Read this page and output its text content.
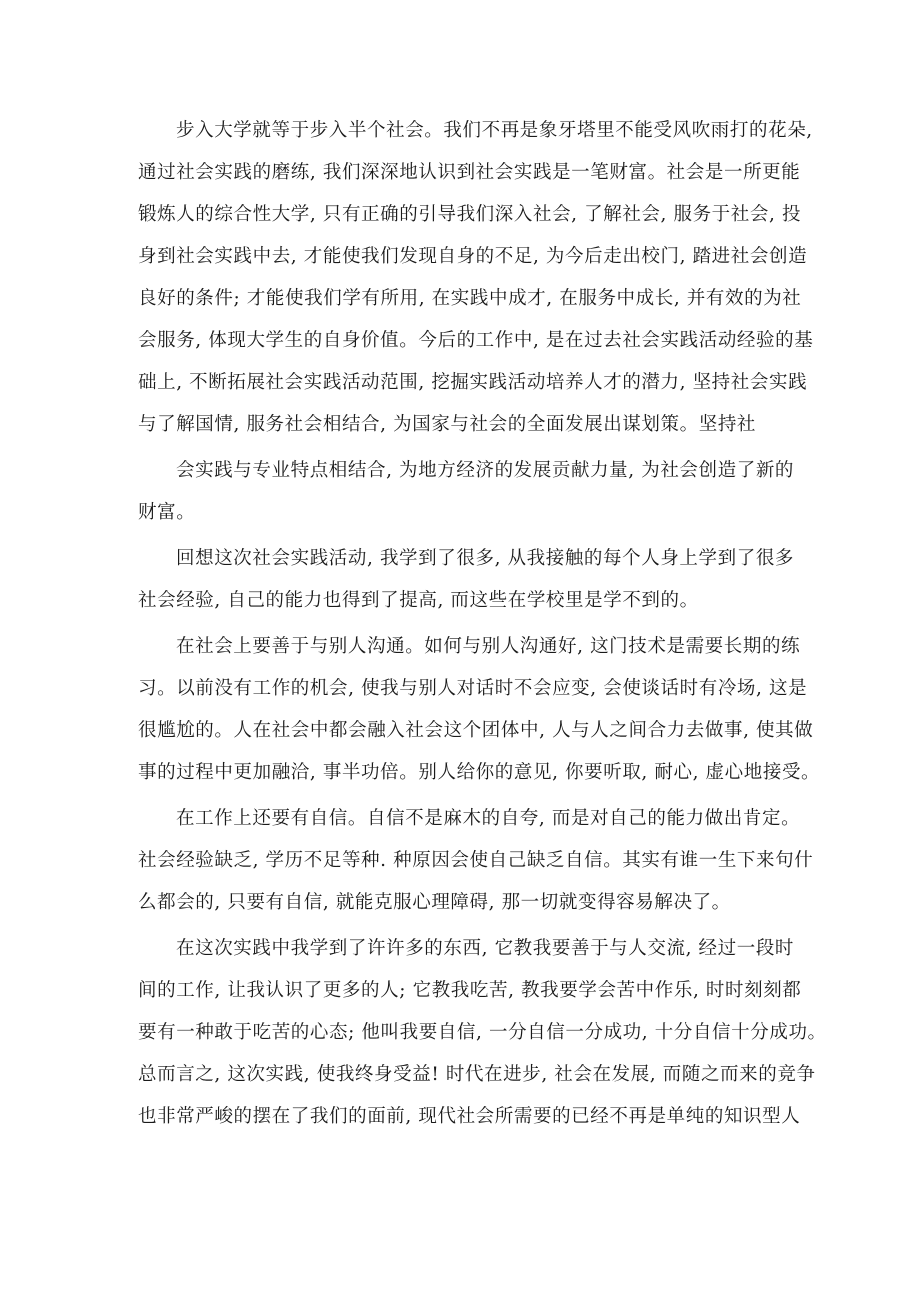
步入大学就等于步入半个社会。我们不再是象牙塔里不能受风吹雨打的花朵,
通过社会实践的磨练, 我们深深地认识到社会实践是一笔财富。社会是一所更能
锻炼人的综合性大学, 只有正确的引导我们深入社会, 了解社会, 服务于社会, 投
身到社会实践中去, 才能使我们发现自身的不足, 为今后走出校门, 踏进社会创造
良好的条件; 才能使我们学有所用, 在实践中成才, 在服务中成长, 并有效的为社
会服务, 体现大学生的自身价值。今后的工作中, 是在过去社会实践活动经验的基
础上, 不断拓展社会实践活动范围, 挖掘实践活动培养人才的潜力, 坚持社会实践
与了解国情, 服务社会相结合, 为国家与社会的全面发展出谋划策。坚持社
会实践与专业特点相结合, 为地方经济的发展贡献力量, 为社会创造了新的
财富。
回想这次社会实践活动, 我学到了很多, 从我接触的每个人身上学到了很多
社会经验, 自己的能力也得到了提高, 而这些在学校里是学不到的。
在社会上要善于与别人沟通。如何与别人沟通好, 这门技术是需要长期的练
习。以前没有工作的机会, 使我与别人对话时不会应变, 会使谈话时有冷场, 这是
很尴尬的。人在社会中都会融入社会这个团体中, 人与人之间合力去做事, 使其做
事的过程中更加融洽, 事半功倍。别人给你的意见, 你要听取, 耐心, 虚心地接受。
在工作上还要有自信。自信不是麻木的自夸, 而是对自己的能力做出肯定。
社会经验缺乏, 学历不足等种. 种原因会使自己缺乏自信。其实有谁一生下来句什
么都会的, 只要有自信, 就能克服心理障碍, 那一切就变得容易解决了。
在这次实践中我学到了许许多的东西, 它教我要善于与人交流, 经过一段时
间的工作, 让我认识了更多的人; 它教我吃苦, 教我要学会苦中作乐, 时时刻刻都
要有一种敢于吃苦的心态; 他叫我要自信, 一分自信一分成功, 十分自信十分成功。
总而言之, 这次实践, 使我终身受益! 时代在进步, 社会在发展, 而随之而来的竞争
也非常严峻的摆在了我们的面前, 现代社会所需要的已经不再是单纯的知识型人
